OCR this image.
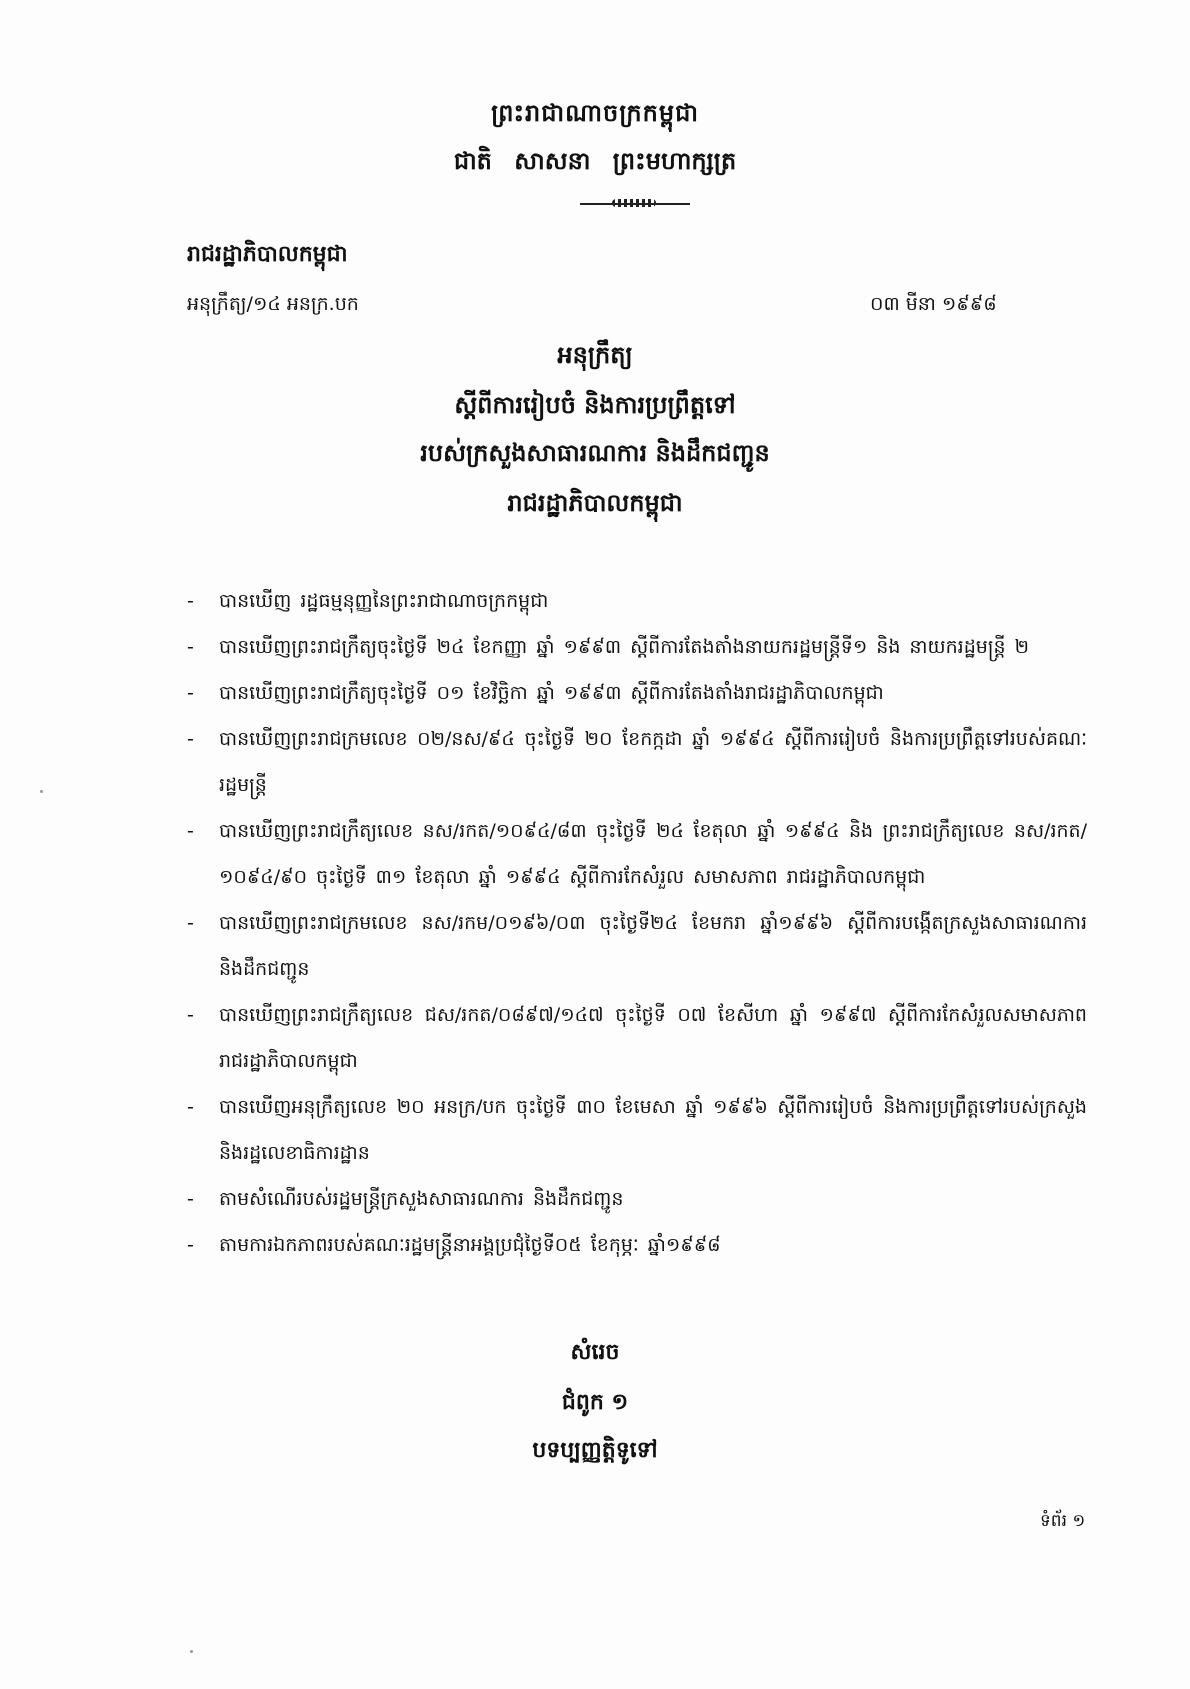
ព្រះរាជាណាចក្រកម្ពុជា
ជាតិ សាសនា ព្រះមហាក្សត្រ
រាជរដ្ឋាភិបាលកម្ពុជា
អនុក្រឹត្យ/១៤ អនក្រ.បក	០៣ មីនា ១៩៩៨
អនុក្រឹត្យ
ស្តីពីការរៀបចំ និងការប្រព្រឹត្តទៅ
របស់ក្រសួងសាធារណការ និងដឹកជញ្ជូន
រាជរដ្ឋាភិបាលកម្ពុជា
- បានឃើញ រដ្ឋធម្មនុញ្ញនៃព្រះរាជាណាចក្រកម្ពុជា
- បានឃើញព្រះរាជក្រឹត្យចុះថ្ងៃទី ២៤ ខែកញ្ញា ឆ្នាំ ១៩៩៣ ស្តីពីការតែងតាំងនាយករដ្ឋមន្ត្រីទី១ និង នាយករដ្ឋមន្ត្រី ២
- បានឃើញព្រះរាជក្រឹត្យចុះថ្ងៃទី ០១ ខែវិច្ឆិកា ឆ្នាំ ១៩៩៣ ស្តីពីការតែងតាំងរាជរដ្ឋាភិបាលកម្ពុជា
- បានឃើញព្រះរាជក្រមលេខ ០២/នស/៩៤ ចុះថ្ងៃទី ២០ ខែកក្កដា ឆ្នាំ ១៩៩៤ ស្តីពីការរៀបចំ និងការប្រព្រឹត្តទៅរបស់គណៈរដ្ឋមន្ត្រី
- បានឃើញព្រះរាជក្រឹត្យលេខ នស/រកត/១០៩៤/៨៣ ចុះថ្ងៃទី ២៤ ខែតុលា ឆ្នាំ ១៩៩៤ និង ព្រះរាជក្រឹត្យលេខ នស/រកត/១០៩៤/៩០ ចុះថ្ងៃទី ៣១ ខែតុលា ឆ្នាំ ១៩៩៤ ស្តីពីការកែសំរួល សមាសភាព រាជរដ្ឋាភិបាលកម្ពុជា
- បានឃើញព្រះរាជក្រមលេខ នស/រកម/០១៩៦/០៣ ចុះថ្ងៃទី២៤ ខែមករា ឆ្នាំ១៩៩៦ ស្តីពីការបង្កើតក្រសួងសាធារណការ និងដឹកជញ្ជូន
- បានឃើញព្រះរាជក្រឹត្យលេខ ជស/រកត/០៨៩៧/១៤៧ ចុះថ្ងៃទី ០៧ ខែសីហា ឆ្នាំ ១៩៩៧ ស្តីពីការកែសំរួលសមាសភាពរាជរដ្ឋាភិបាលកម្ពុជា
- បានឃើញអនុក្រឹត្យលេខ ២០ អនក្រ/បក ចុះថ្ងៃទី ៣០ ខែមេសា ឆ្នាំ ១៩៩៦ ស្តីពីការរៀបចំ និងការប្រព្រឹត្តទៅរបស់ក្រសួង និងរដ្ឋលេខាធិការដ្ឋាន
- តាមសំណើរបស់រដ្ឋមន្ត្រីក្រសួងសាធារណការ និងដឹកជញ្ជូន
- តាមការឯកភាពរបស់គណៈរដ្ឋមន្ត្រីនាអង្គប្រជុំថ្ងៃទី០៥ ខែកុម្ភៈ ឆ្នាំ១៩៩៨
សំរេច
ជំពូក ១
បទប្បញ្ញត្តិទូទៅ
ទំព័រ ១
